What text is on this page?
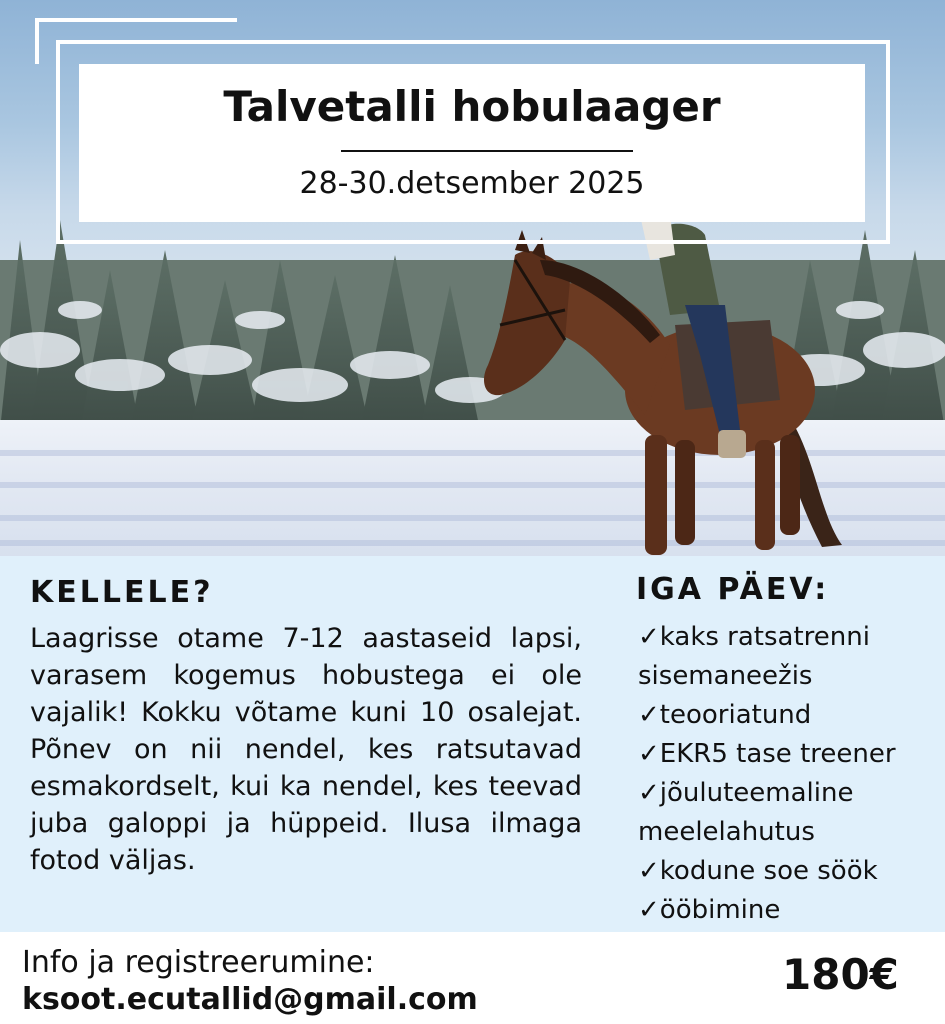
Talvetalli hobulaager
28-30.detsember 2025
KELLELE?

Laagrisse otame 7-12 aastaseid lapsi, varasem kogemus hobustega ei ole vajalik! Kokku võtame kuni 10 osalejat. Põnev on nii nendel, kes ratsutavad esmakordselt, kui ka nendel, kes teevad juba galoppi ja hüppeid. Ilusa ilmaga fotod väljas.

IGA PÄEV:
✓kaks ratsatrenni sisemaneežis
✓teooriatund
✓EKR5 tase treener
✓jõuluteemaline meelelahutus
✓kodune soe söök
✓ööbimine
Info ja registreerumine:
ksoot.ecutallid@gmail.com
180€
